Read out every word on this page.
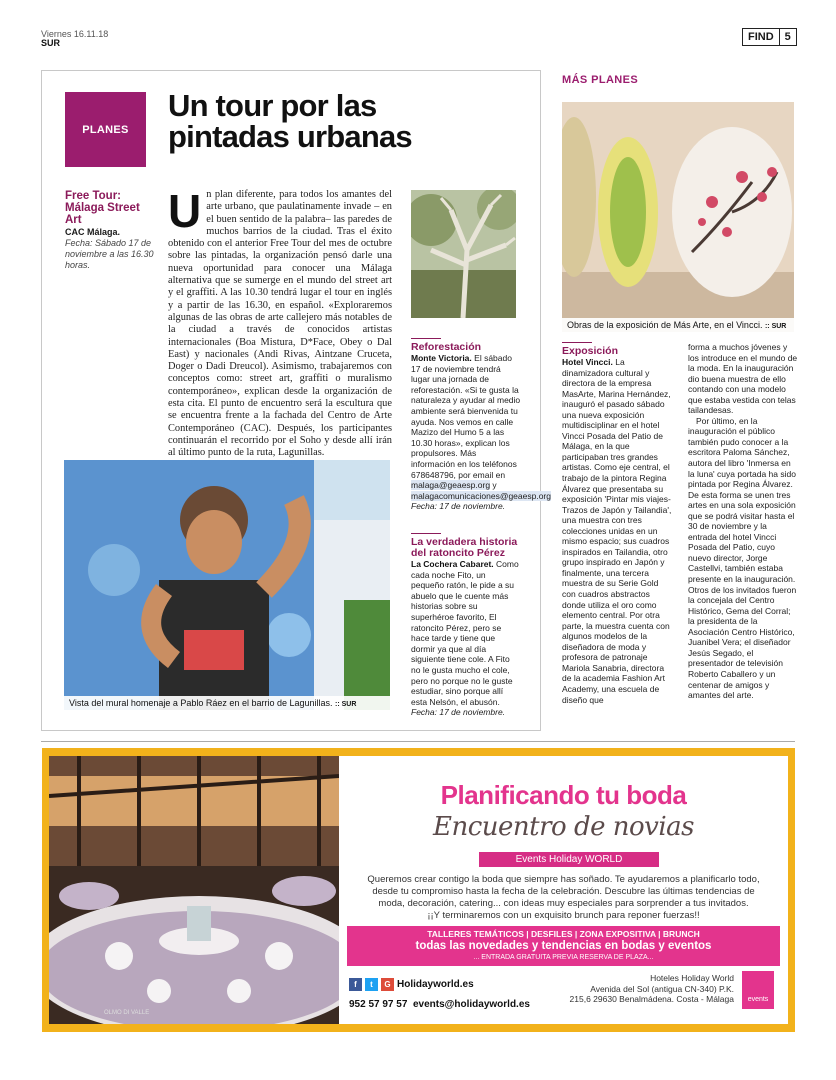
Viernes 16.11.18
SUR	FIND	5
PLANES
Un tour por las
pintadas urbanas
Free Tour: Málaga Street Art
CAC Málaga.
Fecha: Sábado 17 de noviembre a las 16.30 horas.
Un plan diferente, para todos los amantes del arte urbano, que paulatinamente invade – en el buen sentido de la palabra– las paredes de muchos barrios de la ciudad. Tras el éxito obtenido con el anterior Free Tour del mes de octubre sobre las pintadas, la organización pensó darle una nueva oportunidad para conocer una Málaga alternativa que se sumerge en el mundo del street art y el graffiti. A las 10.30 tendrá lugar el tour en inglés y a partir de las 16.30, en español. «Exploraremos algunas de las obras de arte callejero más notables de la ciudad a través de conocidos artistas internacionales (Boa Mistura, D*Face, Obey o Dal East) y nacionales (Andi Rivas, Aintzane Cruceta, Doger o Dadi Dreucol). Asimismo, trabajaremos con conceptos como: street art, graffiti o muralismo contemporáneo», explican desde la organización de esta cita. El punto de encuentro será la escultura que se encuentra frente a la fachada del Centro de Arte Contemporáneo (CAC). Después, los participantes continuarán el recorrido por el Soho y desde allí irán al último punto de la ruta, Lagunillas.
Reforestación
Monte Victoria. El sábado 17 de noviembre tendrá lugar una jornada de reforestación. «Si te gusta la naturaleza y ayudar al medio ambiente será bienvenida tu ayuda. Nos vemos en calle Mazizo del Humo 5 a las 10.30 horas», explican los propulsores. Más información en los teléfonos 678648796, por email en malaga@geaesp.org y malagacomunicaciones@geaesp.org
Fecha: 17 de noviembre.
La verdadera historia del ratoncito Pérez
La Cochera Cabaret. Como cada noche Fito, un pequeño ratón, le pide a su abuelo que le cuente más historias sobre su superhéroe favorito, El ratoncito Pérez, pero se hace tarde y tiene que dormir ya que al día siguiente tiene cole. A Fito no le gusta mucho el cole, pero no porque no le guste estudiar, sino porque allí esta Nelsón, el abusón.
Fecha: 17 de noviembre.
Vista del mural homenaje a Pablo Ráez en el barrio de Lagunillas. :: SUR
MÁS PLANES
Obras de la exposición de Más Arte, en el Vincci. :: SUR
Exposición
Hotel Vincci. La dinamizadora cultural y directora de la empresa MasArte, Marina Hernández, inauguró el pasado sábado una nueva exposición multidisciplinar en el hotel Vincci Posada del Patio de Málaga, en la que participaban tres grandes artistas. Como eje central, el trabajo de la pintora Regina Álvarez que presentaba su exposición 'Pintar mis viajes-Trazos de Japón y Tailandia', una muestra con tres colecciones unidas en un mismo espacio; sus cuadros inspirados en Tailandia, otro grupo inspirado en Japón y finalmente, una tercera muestra de su Serie Gold con cuadros abstractos donde utiliza el oro como elemento central. Por otra parte, la muestra cuenta con algunos modelos de la diseñadora de moda y profesora de patronaje Mariola Sanabria, directora de la academia Fashion Art Academy, una escuela de diseño que
forma a muchos jóvenes y los introduce en el mundo de la moda. En la inauguración dio buena muestra de ello contando con una modelo que estaba vestida con telas tailandesas.
Por último, en la inauguración el público también pudo conocer a la escritora Paloma Sánchez, autora del libro 'Inmersa en la luna' cuya portada ha sido pintada por Regina Álvarez. De esta forma se unen tres artes en una sola exposición que se podrá visitar hasta el 30 de noviembre y la entrada del hotel Vincci Posada del Patio, cuyo nuevo director, Jorge Castellvi, también estaba presente en la inauguración. Otros de los invitados fueron la concejala del Centro Histórico, Gema del Corral; la presidenta de la Asociación Centro Histórico, Juanibel Vera; el diseñador Jesús Segado, el presentador de televisión Roberto Caballero y un centenar de amigos y amantes del arte.
OLMO DI VALLE
Planificando tu boda
Encuentro de novias
Events Holiday WORLD
Queremos crear contigo la boda que siempre has soñado. Te ayudaremos a planificarlo todo, desde tu compromiso hasta la fecha de la celebración. Descubre las últimas tendencias de moda, decoración, catering... con ideas muy especiales para sorprender a tus invitados.
¡¡Y terminaremos con un exquisito brunch para reponer fuerzas!!
TALLERES TEMÁTICOS | DESFILES | ZONA EXPOSITIVA | BRUNCH
todas las novedades y tendencias en bodas y eventos
... ENTRADA GRATUITA PREVIA RESERVA DE PLAZA...
f	t	G Holidayworld.es
952 57 97 57 events@holidayworld.es
Hoteles Holiday World
Avenida del Sol (antigua CN-340) P.K.
215,6 29630 Benalmádena. Costa - Málaga	events
